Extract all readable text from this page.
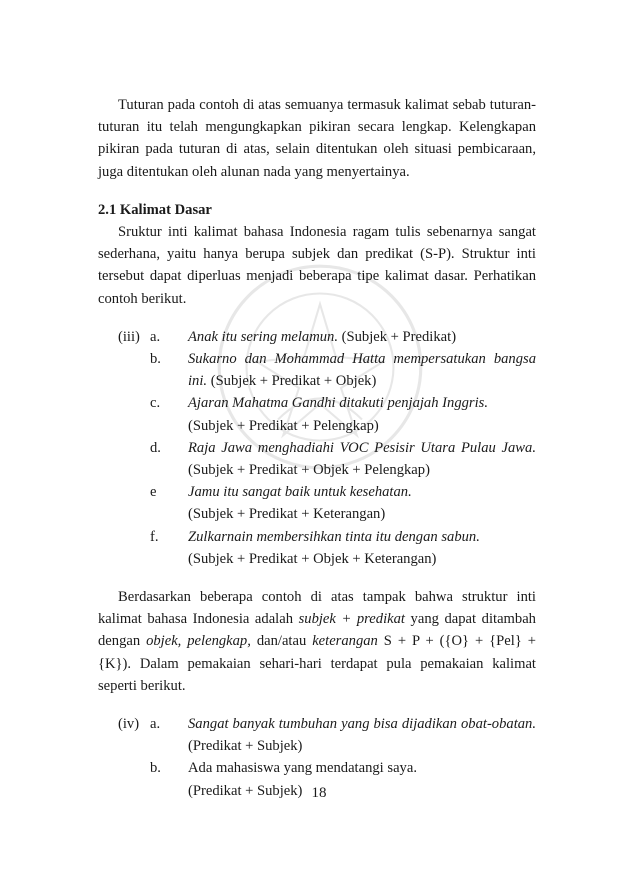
Tuturan pada contoh di atas semuanya termasuk kalimat sebab tuturan-tuturan itu telah mengungkapkan pikiran secara lengkap. Kelengkapan pikiran pada tuturan di atas, selain ditentukan oleh situasi pembicaraan, juga ditentukan oleh alunan nada yang menyertainya.

2.1 Kalimat Dasar

Sruktur inti kalimat bahasa Indonesia ragam tulis sebenarnya sangat sederhana, yaitu hanya berupa subjek dan predikat (S-P). Struktur inti tersebut dapat diperluas menjadi beberapa tipe kalimat dasar. Perhatikan contoh berikut.

(iii) a.	Anak itu sering melamun. (Subjek + Predikat)
b.	Sukarno dan Mohammad Hatta mempersatukan bangsa ini. (Subjek + Predikat + Objek)
c.	Ajaran Mahatma Gandhi ditakuti penjajah Inggris.
(Subjek + Predikat + Pelengkap)
d.	Raja Jawa menghadiahi VOC Pesisir Utara Pulau Jawa. (Subjek + Predikat + Objek + Pelengkap)
e	Jamu itu sangat baik untuk kesehatan.
(Subjek + Predikat + Keterangan)
f.	Zulkarnain membersihkan tinta itu dengan sabun.
(Subjek + Predikat + Objek + Keterangan)

Berdasarkan beberapa contoh di atas tampak bahwa struktur inti kalimat bahasa Indonesia adalah subjek + predikat yang dapat ditambah dengan objek, pelengkap, dan/atau keterangan S + P + ({O} + {Pel} + {K}). Dalam pemakaian sehari-hari terdapat pula pemakaian kalimat seperti berikut.

(iv) a.	Sangat banyak tumbuhan yang bisa dijadikan obat-obatan. (Predikat + Subjek)
b.	Ada mahasiswa yang mendatangi saya.
(Predikat + Subjek) 18
